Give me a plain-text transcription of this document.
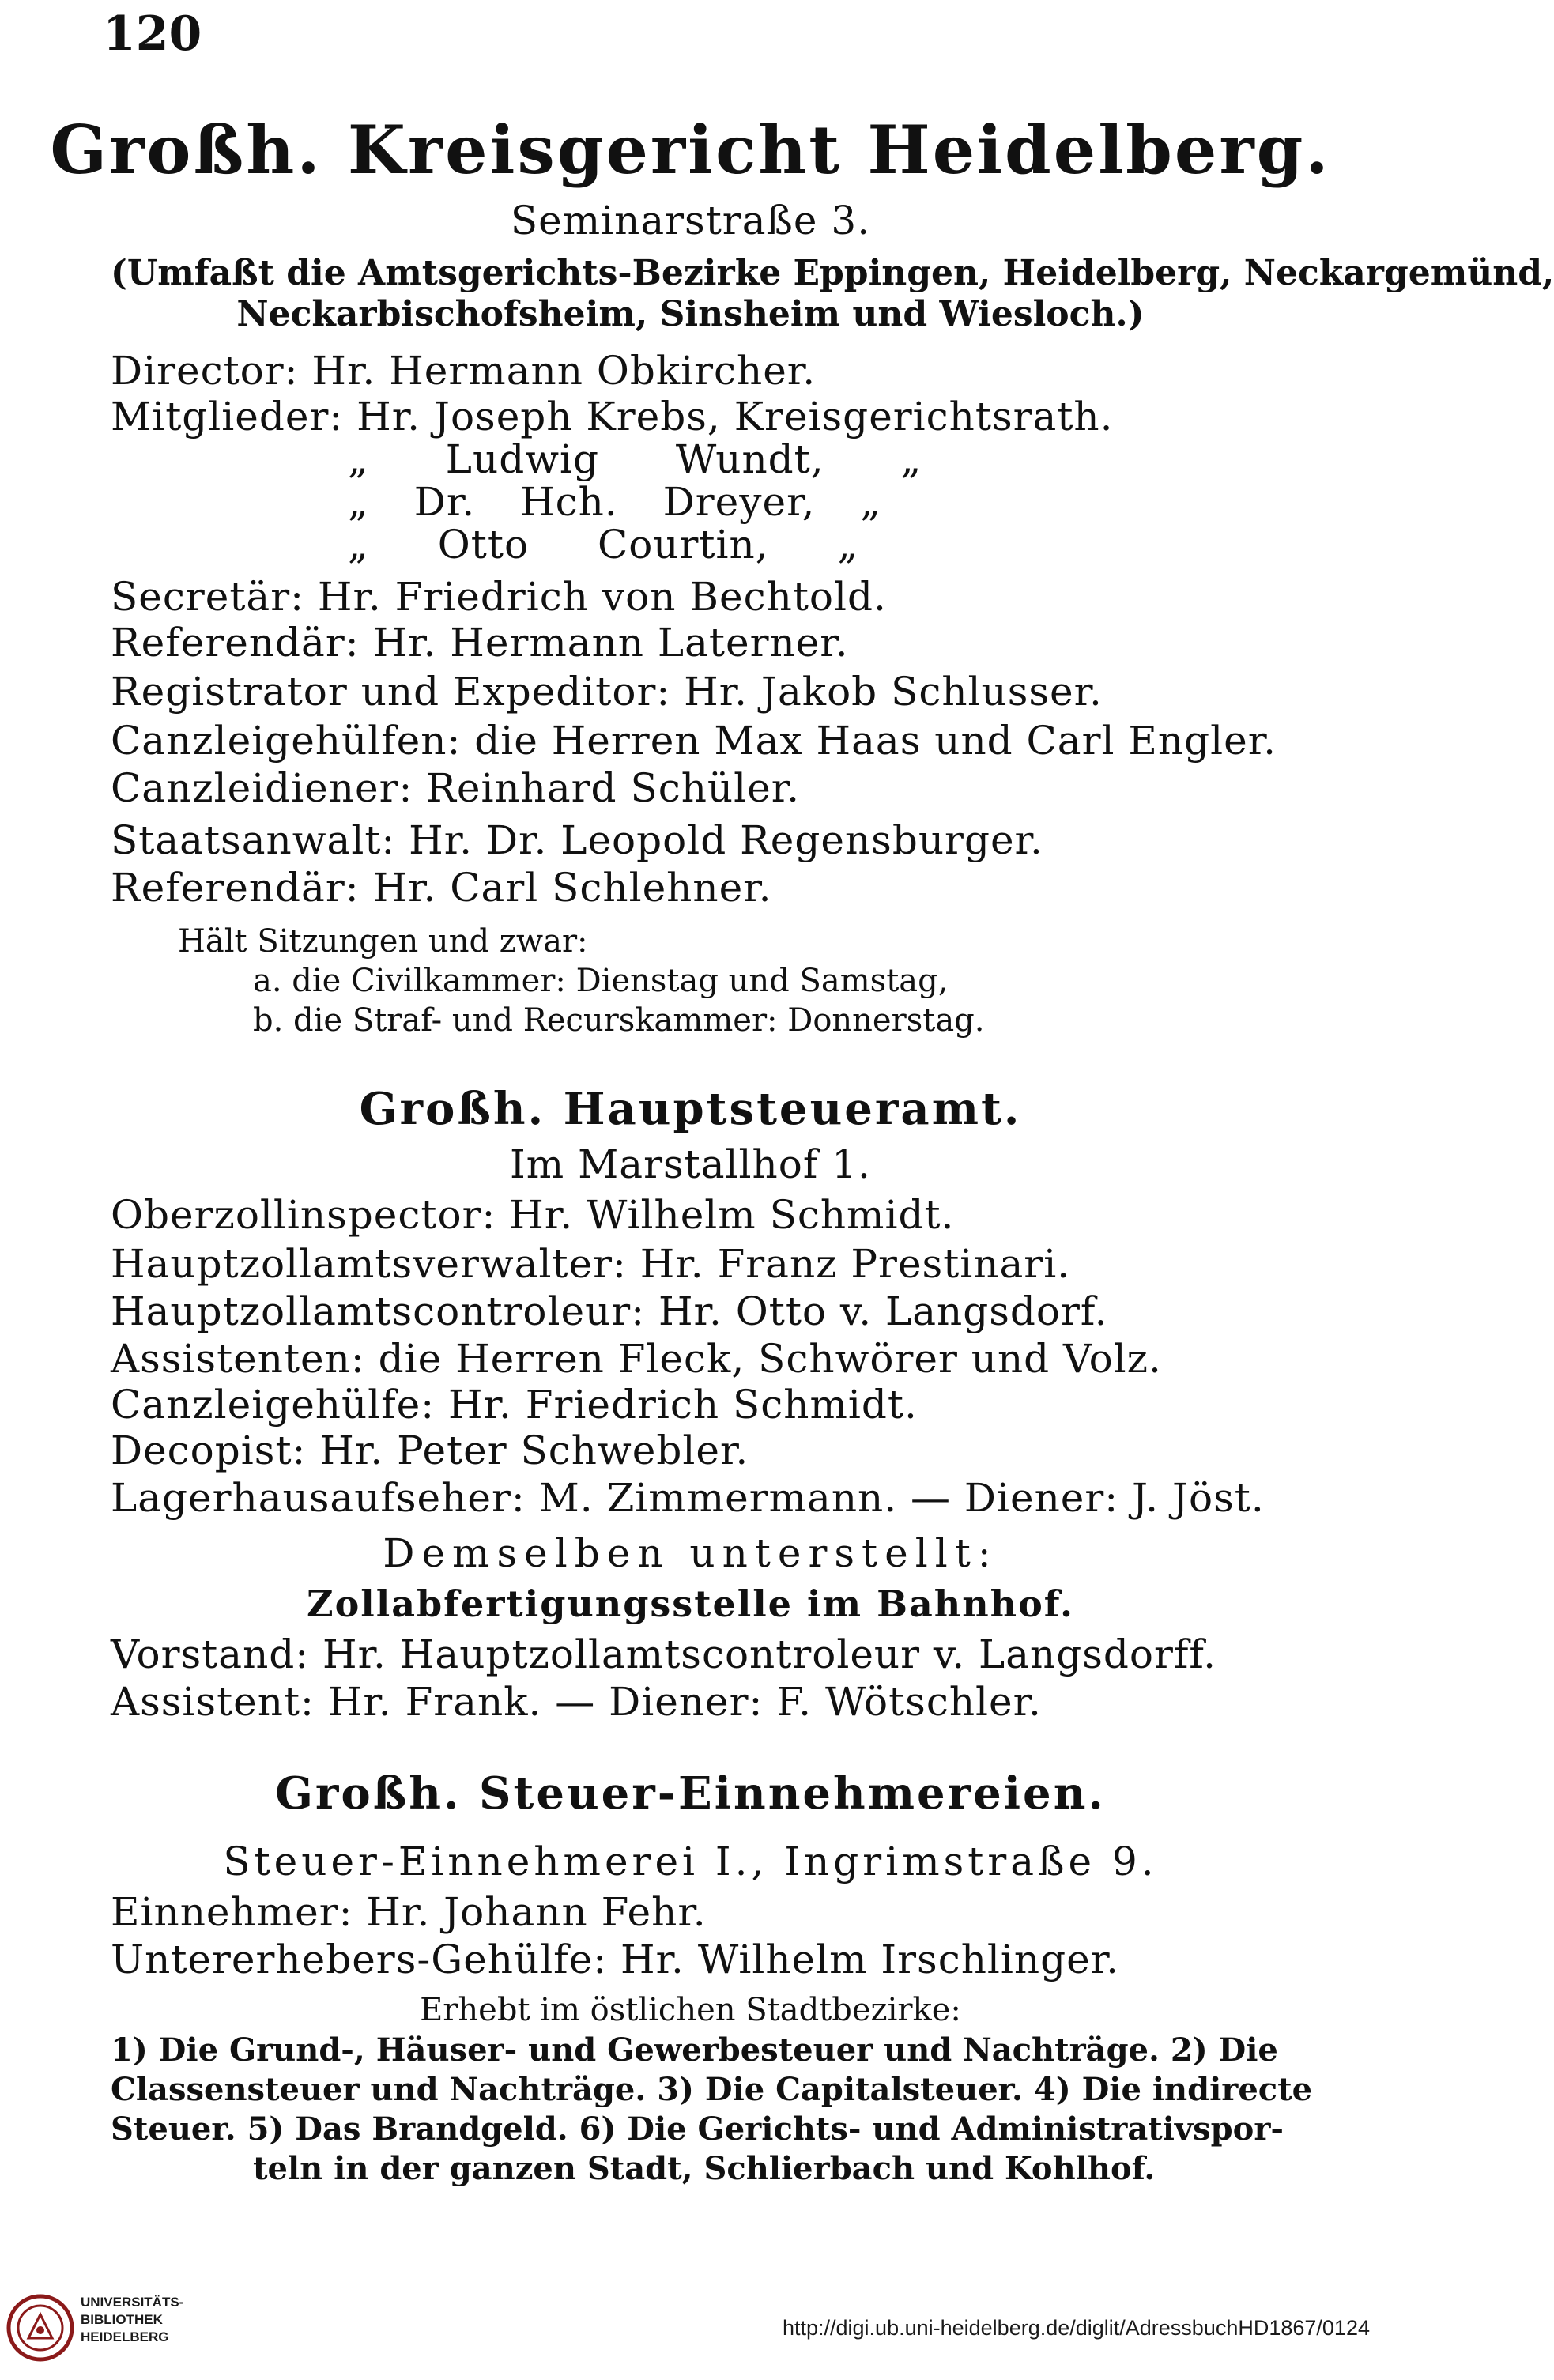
120
Großh. Kreisgericht Heidelberg.
Seminarstraße 3.
(Umfaßt die Amtsgerichts-Bezirke Eppingen, Heidelberg, Neckargemünd,
Neckarbischofsheim, Sinsheim und Wiesloch.)
Director: Hr. Hermann Obkircher.
Mitglieder: Hr. Joseph Krebs, Kreisgerichtsrath.
„ Ludwig Wundt, „
„ Dr. Hch. Dreyer, „
„ Otto Courtin, „
Secretär: Hr. Friedrich von Bechtold.
Referendär: Hr. Hermann Laterner.
Registrator und Expeditor: Hr. Jakob Schlusser.
Canzleigehülfen: die Herren Max Haas und Carl Engler.
Canzleidiener: Reinhard Schüler.
Staatsanwalt: Hr. Dr. Leopold Regensburger.
Referendär: Hr. Carl Schlehner.
Hält Sitzungen und zwar:
a. die Civilkammer: Dienstag und Samstag,
b. die Straf- und Recurskammer: Donnerstag.
Großh. Hauptsteueramt.
Im Marstallhof 1.
Oberzollinspector: Hr. Wilhelm Schmidt.
Hauptzollamtsverwalter: Hr. Franz Prestinari.
Hauptzollamtscontroleur: Hr. Otto v. Langsdorf.
Assistenten: die Herren Fleck, Schwörer und Volz.
Canzleigehülfe: Hr. Friedrich Schmidt.
Decopist: Hr. Peter Schwebler.
Lagerhausaufseher: M. Zimmermann. — Diener: J. Jöst.
Demselben unterstellt:
Zollabfertigungsstelle im Bahnhof.
Vorstand: Hr. Hauptzollamtscontroleur v. Langsdorff.
Assistent: Hr. Frank. — Diener: F. Wötschler.
Großh. Steuer-Einnehmereien.
Steuer-Einnehmerei I., Ingrimstraße 9.
Einnehmer: Hr. Johann Fehr.
Untererhebers-Gehülfe: Hr. Wilhelm Irschlinger.
Erhebt im östlichen Stadtbezirke:
1) Die Grund-, Häuser- und Gewerbesteuer und Nachträge. 2) Die
Classensteuer und Nachträge. 3) Die Capitalsteuer. 4) Die indirecte
Steuer. 5) Das Brandgeld. 6) Die Gerichts- und Administrativspor-
teln in der ganzen Stadt, Schlierbach und Kohlhof.
UNIVERSITÄTS-
BIBLIOTHEK
HEIDELBERG	http://digi.ub.uni-heidelberg.de/diglit/AdressbuchHD1867/0124
